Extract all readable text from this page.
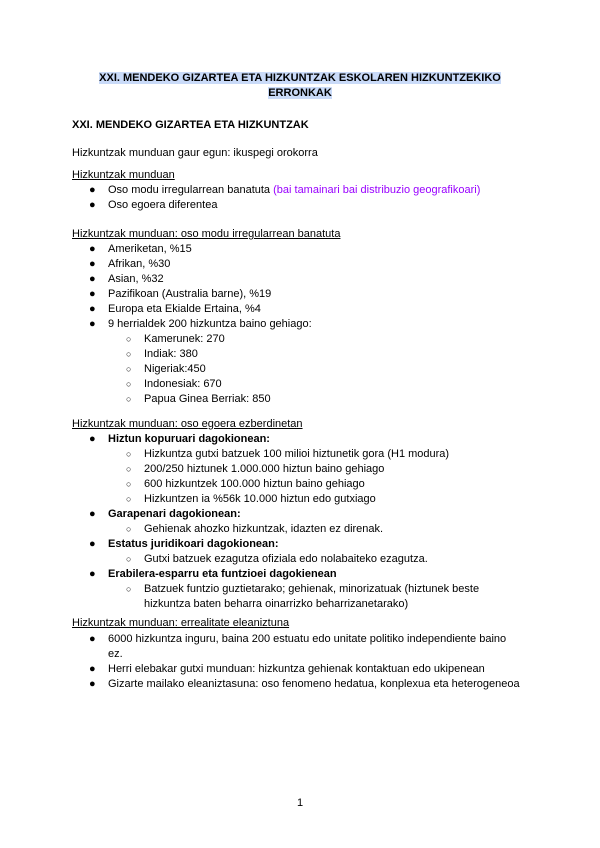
XXI. MENDEKO GIZARTEA ETA HIZKUNTZAK ESKOLAREN HIZKUNTZEKIKO
ERRONKAK
XXI. MENDEKO GIZARTEA ETA HIZKUNTZAK
Hizkuntzak munduan gaur egun: ikuspegi orokorra
Hizkuntzak munduan
● Oso modu irregularrean banatuta (bai tamainari bai distribuzio geografikoari)
● Oso egoera diferentea
Hizkuntzak munduan: oso modu irregularrean banatuta
● Ameriketan, %15
● Afrikan, %30
● Asian, %32
● Pazifikoan (Australia barne), %19
● Europa eta Ekialde Ertaina, %4
● 9 herrialdek 200 hizkuntza baino gehiago:
○ Kamerunek: 270
○ Indiak: 380
○ Nigeriak:450
○ Indonesiak: 670
○ Papua Ginea Berriak: 850
Hizkuntzak munduan: oso egoera ezberdinetan
● Hiztun kopuruari dagokionean:
○ Hizkuntza gutxi batzuek 100 milioi hiztunetik gora (H1 modura)
○ 200/250 hiztunek 1.000.000 hiztun baino gehiago
○ 600 hizkuntzek 100.000 hiztun baino gehiago
○ Hizkuntzen ia %56k 10.000 hiztun edo gutxiago
● Garapenari dagokionean:
○ Gehienak ahozko hizkuntzak, idazten ez direnak.
● Estatus juridikoari dagokionean:
○ Gutxi batzuek ezagutza ofiziala edo nolabaiteko ezagutza.
● Erabilera-esparru eta funtzioei dagokienean
○ Batzuek funtzio guztietarako; gehienak, minorizatuak (hiztunek beste
hizkuntza baten beharra oinarrizko beharrizanetarako)
Hizkuntzak munduan: errealitate eleaniztuna
● 6000 hizkuntza inguru, baina 200 estuatu edo unitate politiko independiente baino
ez.
● Herri elebakar gutxi munduan: hizkuntza gehienak kontaktuan edo ukipenean
● Gizarte mailako eleaniztasuna: oso fenomeno hedatua, konplexua eta heterogeneoa
1
